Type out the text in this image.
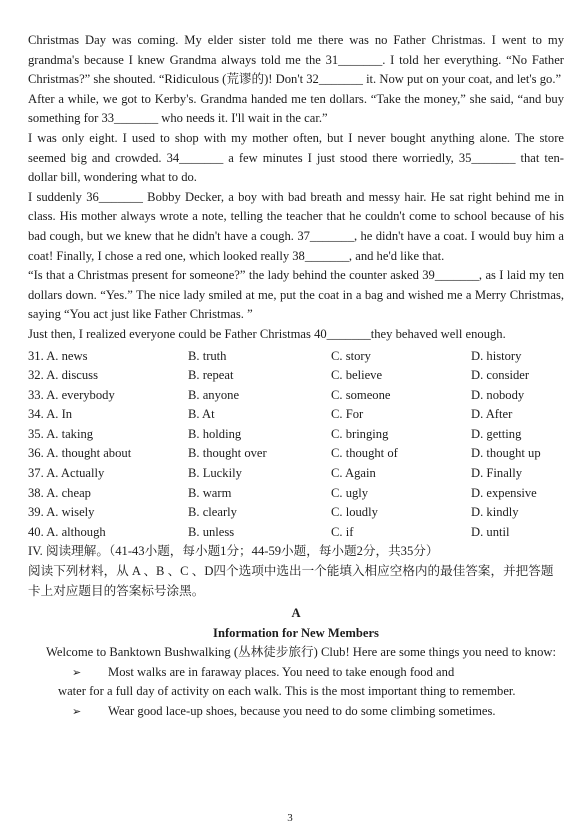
Christmas Day was coming. My elder sister told me there was no Father Christmas. I went to my grandma's because I knew Grandma always told me the 31_______. I told her everything. “No Father Christmas?” she shouted. “Ridiculous (荒谬的)! Don't 32_______ it. Now put on your coat, and let's go.”

After a while, we got to Kerby's. Grandma handed me ten dollars. “Take the money,” she said, “and buy something for 33_______ who needs it. I'll wait in the car.”

I was only eight. I used to shop with my mother often, but I never bought anything alone. The store seemed big and crowded. 34_______ a few minutes I just stood there worriedly, 35_______ that ten-dollar bill, wondering what to do.

I suddenly 36_______ Bobby Decker, a boy with bad breath and messy hair. He sat right behind me in class. His mother always wrote a note, telling the teacher that he couldn't come to school because of his bad cough, but we knew that he didn't have a cough. 37_______, he didn't have a coat. I would buy him a coat! Finally, I chose a red one, which looked really 38_______, and he'd like that.

“Is that a Christmas present for someone?” the lady behind the counter asked 39_______, as I laid my ten dollars down. “Yes.” The nice lady smiled at me, put the coat in a bag and wished me a Merry Christmas, saying “You act just like Father Christmas. ”

Just then, I realized everyone could be Father Christmas 40_______they behaved well enough.

31. A. news	B. truth	C. story	D. history
32. A. discuss	B. repeat	C. believe	D. consider
33. A. everybody	B. anyone	C. someone	D. nobody
34. A. In	B. At	C. For	D. After
35. A. taking	B. holding	C. bringing	D. getting
36. A. thought about	B. thought over	C. thought of	D. thought up
37. A. Actually	B. Luckily	C. Again	D. Finally
38. A. cheap	B. warm	C. ugly	D. expensive
39. A. wisely	B. clearly	C. loudly	D. kindly
40. A. although	B. unless	C. if	D. until
IV. 阅读理解。（41-43小题，每小题1分；44-59小题，每小题2分，共35分）
阅读下列材料，从 A 、B 、C 、D四个选项中选出一个能填入相应空格内的最佳答案，并把答题卡上对应题目的答案标号涂黑。
A
Information for New Members

Welcome to Banktown Bushwalking (丛林徒步旅行) Club! Here are some things you need to know:

➢ Most walks are in faraway places. You need to take enough food and

water for a full day of activity on each walk. This is the most important thing to remember.

➢ Wear good lace-up shoes, because you need to do some climbing sometimes.

3
